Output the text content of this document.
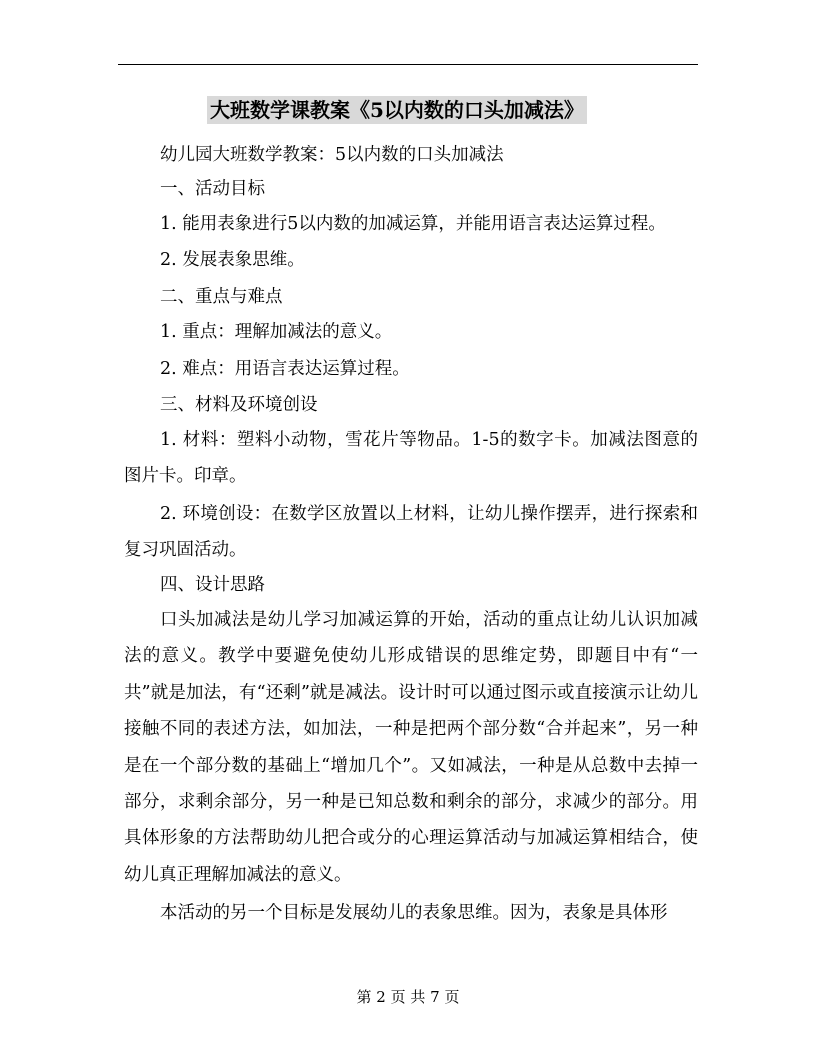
大班数学课教案《5以内数的口头加减法》
幼儿园大班数学教案：5以内数的口头加减法
一、活动目标
1. 能用表象进行5以内数的加减运算，并能用语言表达运算过程。
2. 发展表象思维。
二、重点与难点
1. 重点：理解加减法的意义。
2. 难点：用语言表达运算过程。
三、材料及环境创设
1. 材料：塑料小动物，雪花片等物品。1-5的数字卡。加减法图意的图片卡。印章。
2. 环境创设：在数学区放置以上材料，让幼儿操作摆弄，进行探索和复习巩固活动。
四、设计思路
口头加减法是幼儿学习加减运算的开始，活动的重点让幼儿认识加减法的意义。教学中要避免使幼儿形成错误的思维定势，即题目中有“一共”就是加法，有“还剩”就是减法。设计时可以通过图示或直接演示让幼儿接触不同的表述方法，如加法，一种是把两个部分数“合并起来”，另一种是在一个部分数的基础上“增加几个”。又如减法，一种是从总数中去掉一部分，求剩余部分，另一种是已知总数和剩余的部分，求减少的部分。用具体形象的方法帮助幼儿把合或分的心理运算活动与加减运算相结合，使幼儿真正理解加减法的意义。
本活动的另一个目标是发展幼儿的表象思维。因为，表象是具体形
第 2 页 共 7 页
